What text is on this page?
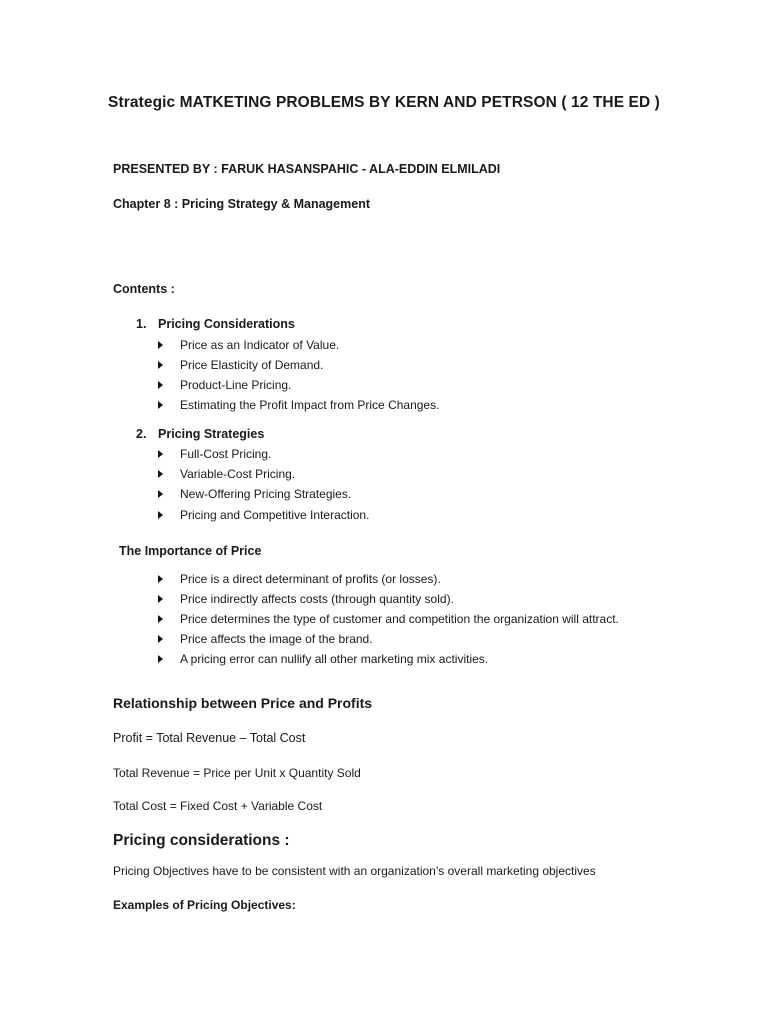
Strategic MATKETING PROBLEMS BY KERN AND PETRSON ( 12 THE ED )
PRESENTED BY : FARUK HASANSPAHIC - ALA-EDDIN ELMILADI
Chapter 8 : Pricing Strategy & Management
Contents :
1. Pricing Considerations
Price as an Indicator of Value.
Price Elasticity of Demand.
Product-Line Pricing.
Estimating the Profit Impact from Price Changes.
2. Pricing Strategies
Full-Cost Pricing.
Variable-Cost Pricing.
New-Offering Pricing Strategies.
Pricing and Competitive Interaction.
The Importance of Price
Price is a direct determinant of profits (or losses).
Price indirectly affects costs (through quantity sold).
Price determines the type of customer and competition the organization will attract.
Price affects the image of the brand.
A pricing error can nullify all other marketing mix activities.
Relationship between Price and Profits
Profit = Total Revenue – Total Cost
Total Revenue = Price per Unit x Quantity Sold
Total Cost = Fixed Cost + Variable Cost
Pricing considerations :
Pricing Objectives have to be consistent with an organization’s overall marketing objectives
Examples of Pricing Objectives:
